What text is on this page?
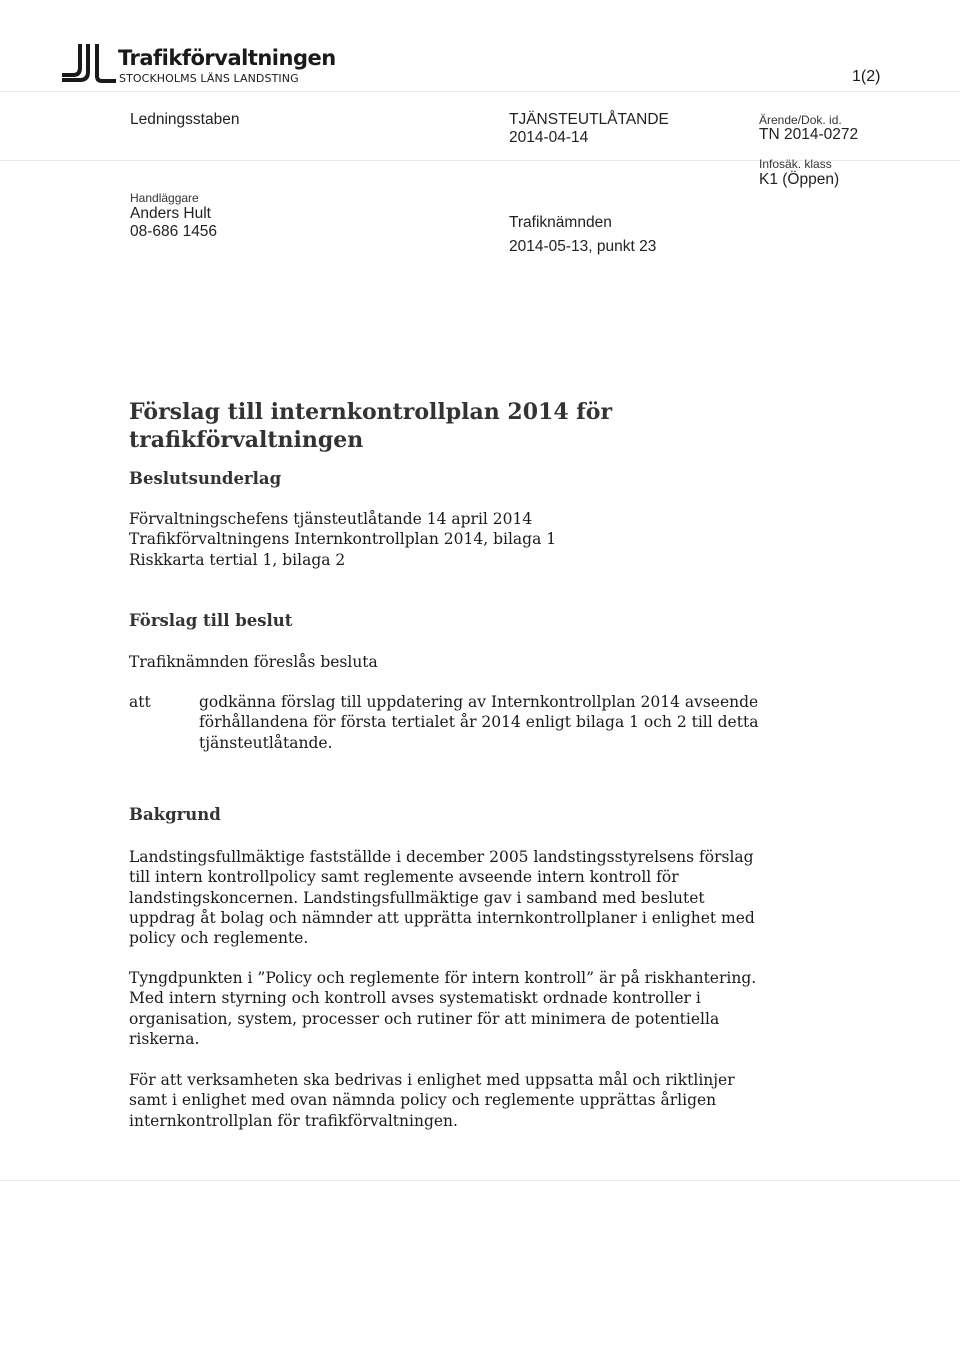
Trafikförvaltningen
STOCKHOLMS LÄNS LANDSTING	1(2)
Ledningsstaben	TJÄNSTEUTLÅTANDE
2014-04-14
Ärende/Dok. id.
TN 2014-0272
Infosäk. klass
K1 (Öppen)
Handläggare
Anders Hult
08-686 1456
Trafiknämnden
2014-05-13, punkt 23
Förslag till internkontrollplan 2014 för trafikförvaltningen
Beslutsunderlag
Förvaltningschefens tjänsteutlåtande 14 april 2014
Trafikförvaltningens Internkontrollplan 2014, bilaga 1
Riskkarta tertial 1, bilaga 2
Förslag till beslut
Trafiknämnden föreslås besluta
att	godkänna förslag till uppdatering av Internkontrollplan 2014 avseende
förhållandena för första tertialet år 2014 enligt bilaga 1 och 2 till detta
tjänsteutlåtande.
Bakgrund
Landstingsfullmäktige fastställde i december 2005 landstingsstyrelsens förslag
till intern kontrollpolicy samt reglemente avseende intern kontroll för
landstingskoncernen. Landstingsfullmäktige gav i samband med beslutet
uppdrag åt bolag och nämnder att upprätta internkontrollplaner i enlighet med
policy och reglemente.
Tyngdpunkten i ”Policy och reglemente för intern kontroll” är på riskhantering.
Med intern styrning och kontroll avses systematiskt ordnade kontroller i
organisation, system, processer och rutiner för att minimera de potentiella
riskerna.
För att verksamheten ska bedrivas i enlighet med uppsatta mål och riktlinjer
samt i enlighet med ovan nämnda policy och reglemente upprättas årligen
internkontrollplan för trafikförvaltningen.
